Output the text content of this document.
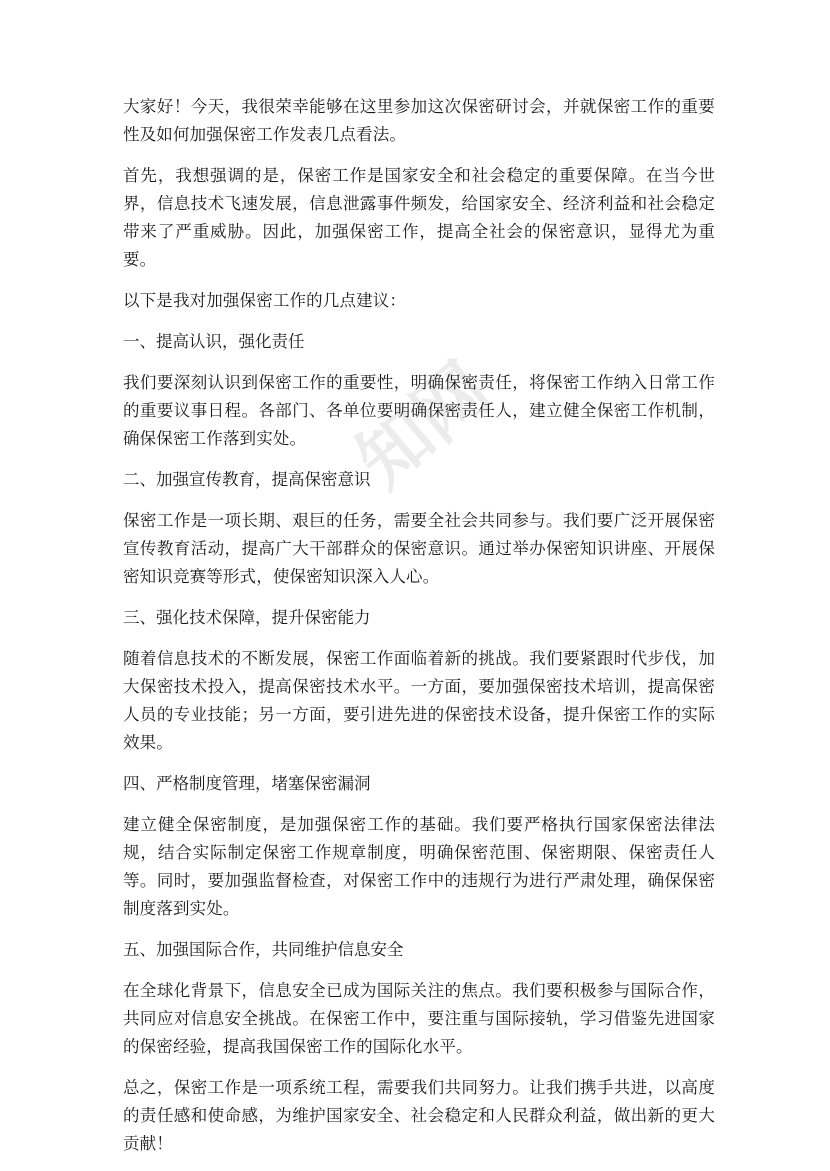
知网

大家好！今天，我很荣幸能够在这里参加这次保密研讨会，并就保密工作的重要性及如何加强保密工作发表几点看法。

首先，我想强调的是，保密工作是国家安全和社会稳定的重要保障。在当今世界，信息技术飞速发展，信息泄露事件频发，给国家安全、经济利益和社会稳定带来了严重威胁。因此，加强保密工作，提高全社会的保密意识，显得尤为重要。

以下是我对加强保密工作的几点建议：

一、提高认识，强化责任

我们要深刻认识到保密工作的重要性，明确保密责任，将保密工作纳入日常工作的重要议事日程。各部门、各单位要明确保密责任人，建立健全保密工作机制，确保保密工作落到实处。

二、加强宣传教育，提高保密意识

保密工作是一项长期、艰巨的任务，需要全社会共同参与。我们要广泛开展保密宣传教育活动，提高广大干部群众的保密意识。通过举办保密知识讲座、开展保密知识竞赛等形式，使保密知识深入人心。

三、强化技术保障，提升保密能力

随着信息技术的不断发展，保密工作面临着新的挑战。我们要紧跟时代步伐，加大保密技术投入，提高保密技术水平。一方面，要加强保密技术培训，提高保密人员的专业技能；另一方面，要引进先进的保密技术设备，提升保密工作的实际效果。

四、严格制度管理，堵塞保密漏洞

建立健全保密制度，是加强保密工作的基础。我们要严格执行国家保密法律法规，结合实际制定保密工作规章制度，明确保密范围、保密期限、保密责任人等。同时，要加强监督检查，对保密工作中的违规行为进行严肃处理，确保保密制度落到实处。

五、加强国际合作，共同维护信息安全

在全球化背景下，信息安全已成为国际关注的焦点。我们要积极参与国际合作，共同应对信息安全挑战。在保密工作中，要注重与国际接轨，学习借鉴先进国家的保密经验，提高我国保密工作的国际化水平。

总之，保密工作是一项系统工程，需要我们共同努力。让我们携手共进，以高度的责任感和使命感，为维护国家安全、社会稳定和人民群众利益，做出新的更大贡献！
